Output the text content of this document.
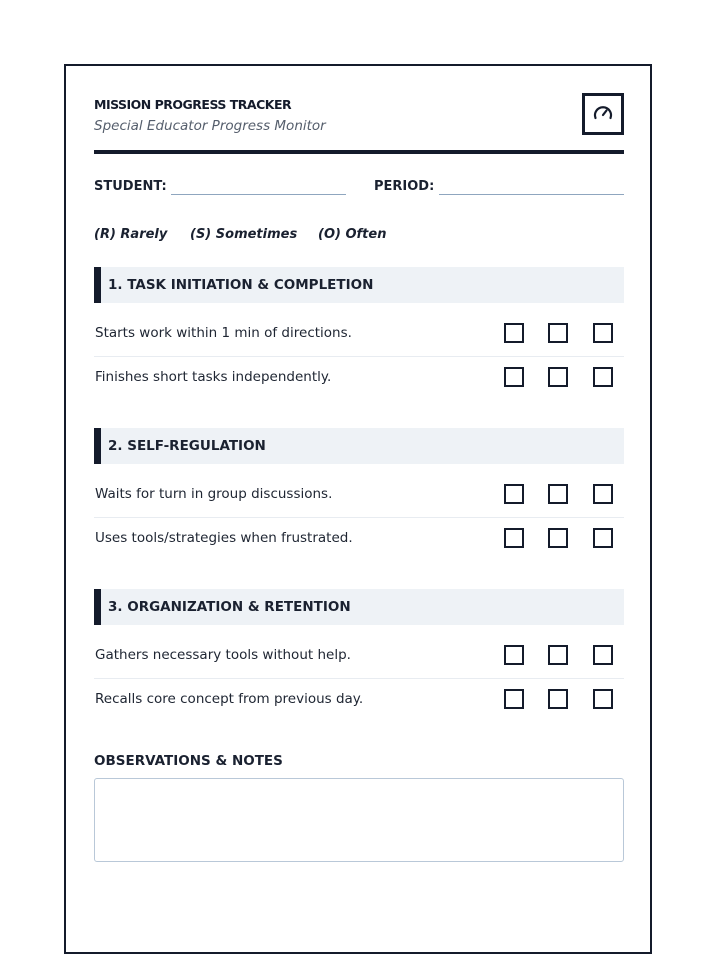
MISSION PROGRESS TRACKER
Special Educator Progress Monitor
STUDENT:	PERIOD:
(R) Rarely (S) Sometimes (O) Often
1. TASK INITIATION & COMPLETION
Starts work within 1 min of directions.
Finishes short tasks independently.
2. SELF-REGULATION
Waits for turn in group discussions.
Uses tools/strategies when frustrated.
3. ORGANIZATION & RETENTION
Gathers necessary tools without help.
Recalls core concept from previous day.
OBSERVATIONS & NOTES
